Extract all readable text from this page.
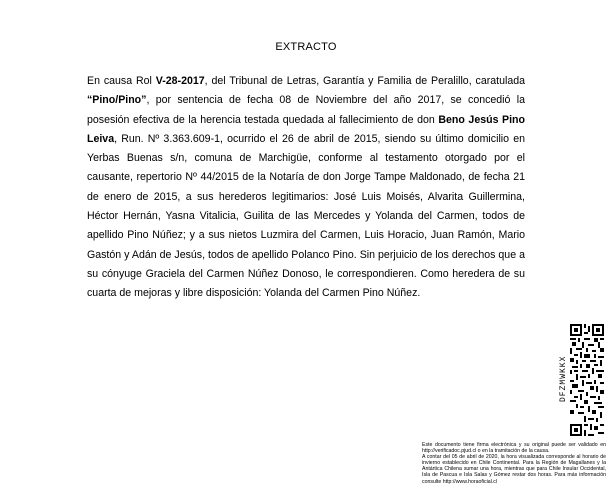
EXTRACTO
En causa Rol V-28-2017, del Tribunal de Letras, Garantía y Familia de Peralillo, caratulada “Pino/Pino”, por sentencia de fecha 08 de Noviembre del año 2017, se concedió la posesión efectiva de la herencia testada quedada al fallecimiento de don Beno Jesús Pino Leiva, Run. Nº 3.363.609-1, ocurrido el 26 de abril de 2015, siendo su último domicilio en Yerbas Buenas s/n, comuna de Marchigüe, conforme al testamento otorgado por el causante, repertorio Nº 44/2015 de la Notaría de don Jorge Tampe Maldonado, de fecha 21 de enero de 2015, a sus herederos legitimarios: José Luis Moisés, Alvarita Guillermina, Héctor Hernán, Yasna Vitalicia, Guilita de las Mercedes y Yolanda del Carmen, todos de apellido Pino Núñez; y a sus nietos Luzmira del Carmen, Luis Horacio, Juan Ramón, Mario Gastón y Adán de Jesús, todos de apellido Polanco Pino. Sin perjuicio de los derechos que a su cónyuge Graciela del Carmen Núñez Donoso, le correspondieren. Como heredera de su cuarta de mejoras y libre disposición: Yolanda del Carmen Pino Núñez.
DFZMWKKX

Este documento tiene firma electrónica y su original puede ser validado en http://verificadoc.pjud.cl o en la tramitación de la causa.

A contar del 05 de abril de 2020, la hora visualizada corresponde al horario de invierno establecido en Chile Continental. Para la Región de Magallanes y la Antártica Chilena sumar una hora, mientras que para Chile Insular Occidental, Isla de Pascua e Isla Salas y Gómez restar dos horas. Para más información consulte http://www.horaoficial.cl
